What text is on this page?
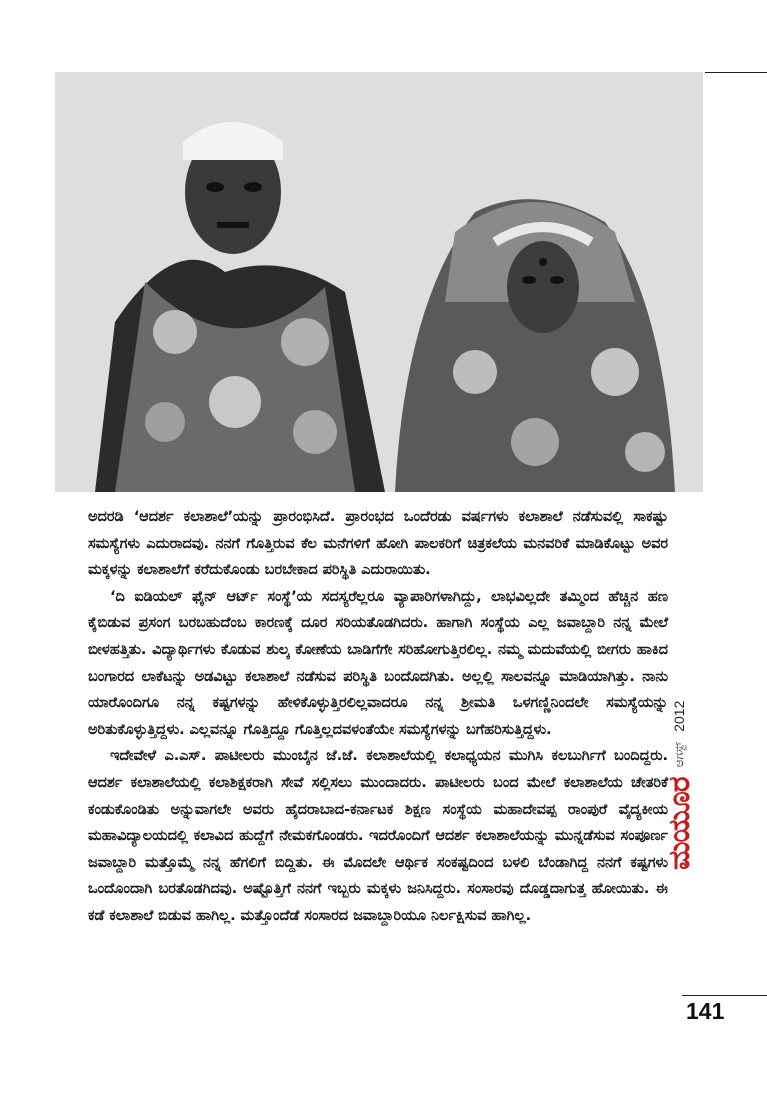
ಅದರಡಿ ‘ಆದರ್ಶ ಕಲಾಶಾಲೆ’ಯನ್ನು ಪ್ರಾರಂಭಿಸಿದೆ. ಪ್ರಾರಂಭದ ಒಂದೆರಡು ವರ್ಷಗಳು ಕಲಾಶಾಲೆ ನಡೆಸುವಲ್ಲಿ ಸಾಕಷ್ಟು ಸಮಸ್ಯೆಗಳು ಎದುರಾದವು. ನನಗೆ ಗೊತ್ತಿರುವ ಕೆಲ ಮನೆಗಳಿಗೆ ಹೋಗಿ ಪಾಲಕರಿಗೆ ಚಿತ್ರಕಲೆಯ ಮನವರಿಕೆ ಮಾಡಿಕೊಟ್ಟು ಅವರ ಮಕ್ಕಳನ್ನು ಕಲಾಶಾಲೆಗೆ ಕರೆದುಕೊಂಡು ಬರಬೇಕಾದ ಪರಿಸ್ಥಿತಿ ಎದುರಾಯಿತು.

‘ದಿ ಐಡಿಯಲ್ ಫೈನ್ ಆರ್ಟ್ ಸಂಸ್ಥೆ’ಯ ಸದಸ್ಯರೆಲ್ಲರೂ ವ್ಯಾಪಾರಿಗಳಾಗಿದ್ದು, ಲಾಭವಿಲ್ಲದೇ ತಮ್ಮಿಂದ ಹೆಚ್ಚಿನ ಹಣ ಕೈಬಿಡುವ ಪ್ರಸಂಗ ಬರಬಹುದೆಂಬ ಕಾರಣಕ್ಕೆ ದೂರ ಸರಿಯತೊಡಗಿದರು. ಹಾಗಾಗಿ ಸಂಸ್ಥೆಯ ಎಲ್ಲ ಜವಾಬ್ದಾರಿ ನನ್ನ ಮೇಲೆ ಬೀಳಹತ್ತಿತು. ವಿದ್ಯಾರ್ಥಿಗಳು ಕೊಡುವ ಶುಲ್ಕ ಕೋಣೆಯ ಬಾಡಿಗೆಗೇ ಸರಿಹೋಗುತ್ತಿರಲಿಲ್ಲ. ನಮ್ಮ ಮದುವೆಯಲ್ಲಿ ಬೀಗರು ಹಾಕಿದ ಬಂಗಾರದ ಲಾಕೆಟನ್ನು ಅಡವಿಟ್ಟು ಕಲಾಶಾಲೆ ನಡೆಸುವ ಪರಿಸ್ಥಿತಿ ಬಂದೊದಗಿತು. ಅಲ್ಲಲ್ಲಿ ಸಾಲವನ್ನೂ ಮಾಡಿಯಾಗಿತ್ತು. ನಾನು ಯಾರೊಂದಿಗೂ ನನ್ನ ಕಷ್ಟಗಳನ್ನು ಹೇಳಿಕೊಳ್ಳುತ್ತಿರಲಿಲ್ಲವಾದರೂ ನನ್ನ ಶ್ರೀಮತಿ ಒಳಗಣ್ಣಿನಿಂದಲೇ ಸಮಸ್ಯೆಯನ್ನು ಅರಿತುಕೊಳ್ಳುತ್ತಿದ್ದಳು. ಎಲ್ಲವನ್ನೂ ಗೊತ್ತಿದ್ದೂ ಗೊತ್ತಿಲ್ಲದವಳಂತೆಯೇ ಸಮಸ್ಯೆಗಳನ್ನು ಬಗೆಹರಿಸುತ್ತಿದ್ದಳು.

ಇದೇವೇಳೆ ಎ.ಎಸ್. ಪಾಟೀಲರು ಮುಂಬೈನ ಜೆ.ಜೆ. ಕಲಾಶಾಲೆಯಲ್ಲಿ ಕಲಾಧ್ಯಯನ ಮುಗಿಸಿ ಕಲಬುರ್ಗಿಗೆ ಬಂದಿದ್ದರು. ಆದರ್ಶ ಕಲಾಶಾಲೆಯಲ್ಲಿ ಕಲಾಶಿಕ್ಷಕರಾಗಿ ಸೇವೆ ಸಲ್ಲಿಸಲು ಮುಂದಾದರು. ಪಾಟೀಲರು ಬಂದ ಮೇಲೆ ಕಲಾಶಾಲೆಯ ಚೇತರಿಕೆ ಕಂಡುಕೊಂಡಿತು ಅನ್ನುವಾಗಲೇ ಅವರು ಹೈದರಾಬಾದ-ಕರ್ನಾಟಕ ಶಿಕ್ಷಣ ಸಂಸ್ಥೆಯ ಮಹಾದೇವಪ್ಪ ರಾಂಪುರೆ ವೈದ್ಯಕೀಯ ಮಹಾವಿದ್ಯಾಲಯದಲ್ಲಿ ಕಲಾವಿದ ಹುದ್ದೆಗೆ ನೇಮಕಗೊಂಡರು. ಇದರೊಂದಿಗೆ ಆದರ್ಶ ಕಲಾಶಾಲೆಯನ್ನು ಮುನ್ನಡೆಸುವ ಸಂಪೂರ್ಣ ಜವಾಬ್ದಾರಿ ಮತ್ತೊಮ್ಮೆ ನನ್ನ ಹೆಗಲಿಗೆ ಬಿದ್ದಿತು. ಈ ಮೊದಲೇ ಆರ್ಥಿಕ ಸಂಕಷ್ಟದಿಂದ ಬಳಲಿ ಬೆಂಡಾಗಿದ್ದ ನನಗೆ ಕಷ್ಟಗಳು ಒಂದೊಂದಾಗಿ ಬರತೊಡಗಿದವು. ಅಷ್ಟೊತ್ತಿಗೆ ನನಗೆ ಇಬ್ಬರು ಮಕ್ಕಳು ಜನಿಸಿದ್ದರು. ಸಂಸಾರವು ದೊಡ್ಡದಾಗುತ್ತ ಹೋಯಿತು. ಈ ಕಡೆ ಕಲಾಶಾಲೆ ಬಿಡುವ ಹಾಗಿಲ್ಲ. ಮತ್ತೊಂದೆಡೆ ಸಂಸಾರದ ಜವಾಬ್ದಾರಿಯೂ ನಿರ್ಲಕ್ಷಿಸುವ ಹಾಗಿಲ್ಲ.

ಮಯೂರ
ಆಗಸ್ಟ್
2012
141
